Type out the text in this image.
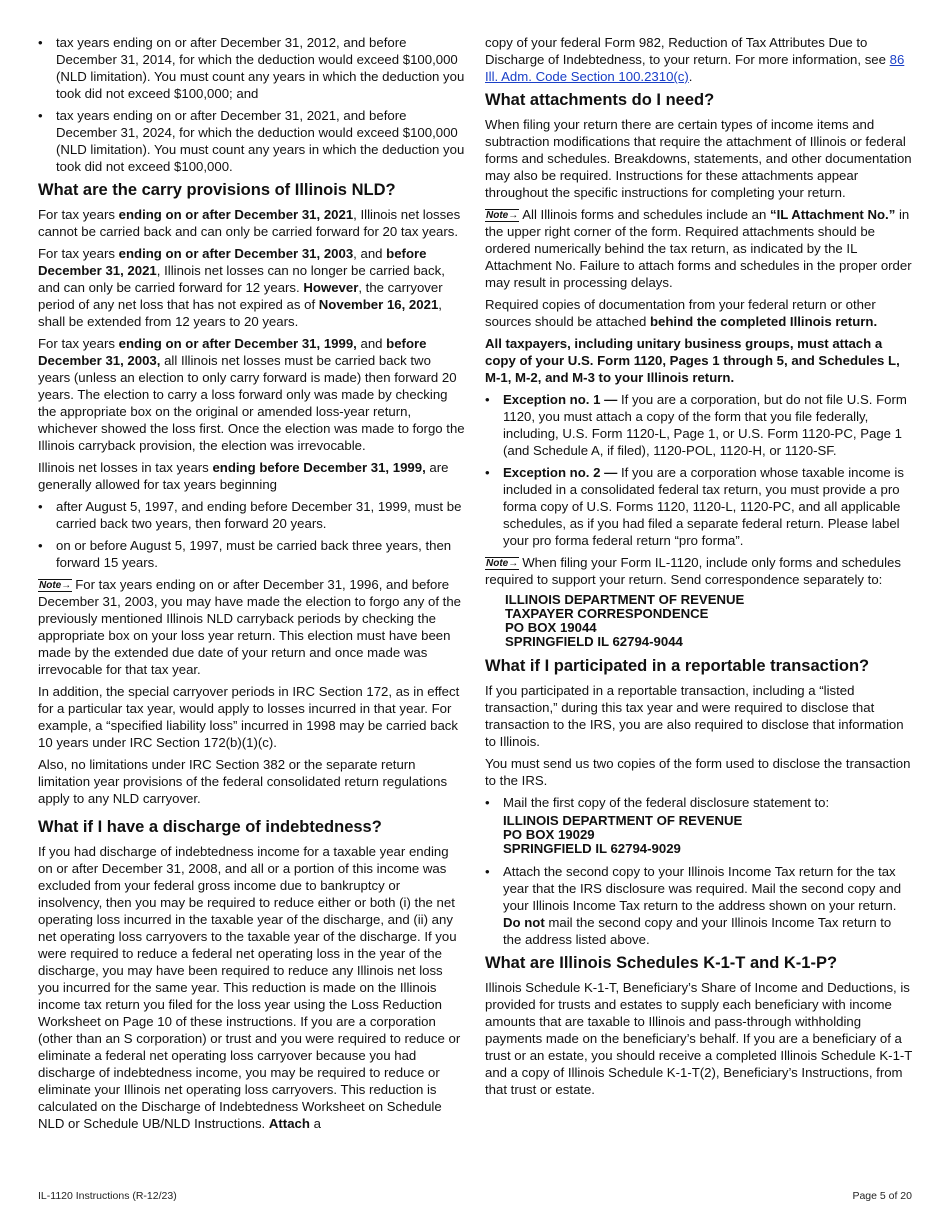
• tax years ending on or after December 31, 2012, and before December 31, 2014, for which the deduction would exceed $100,000 (NLD limitation). You must count any years in which the deduction you took did not exceed $100,000; and
• tax years ending on or after December 31, 2021, and before December 31, 2024, for which the deduction would exceed $100,000 (NLD limitation). You must count any years in which the deduction you took did not exceed $100,000.
What are the carry provisions of Illinois NLD?

For tax years ending on or after December 31, 2021, Illinois net losses cannot be carried back and can only be carried forward for 20 tax years.

For tax years ending on or after December 31, 2003, and before December 31, 2021, Illinois net losses can no longer be carried back, and can only be carried forward for 12 years. However, the carryover period of any net loss that has not expired as of November 16, 2021, shall be extended from 12 years to 20 years.

For tax years ending on or after December 31, 1999, and before December 31, 2003, all Illinois net losses must be carried back two years (unless an election to only carry forward is made) then forward 20 years. The election to carry a loss forward only was made by checking the appropriate box on the original or amended loss-year return, whichever showed the loss first. Once the election was made to forgo the Illinois carryback provision, the election was irrevocable.

Illinois net losses in tax years ending before December 31, 1999, are generally allowed for tax years beginning

• after August 5, 1997, and ending before December 31, 1999, must be carried back two years, then forward 20 years.
• on or before August 5, 1997, must be carried back three years, then forward 15 years.

Note→ For tax years ending on or after December 31, 1996, and before December 31, 2003, you may have made the election to forgo any of the previously mentioned Illinois NLD carryback periods by checking the appropriate box on your loss year return. This election must have been made by the extended due date of your return and once made was irrevocable for that tax year.

In addition, the special carryover periods in IRC Section 172, as in effect for a particular tax year, would apply to losses incurred in that year. For example, a “specified liability loss” incurred in 1998 may be carried back 10 years under IRC Section 172(b)(1)(c).

Also, no limitations under IRC Section 382 or the separate return limitation year provisions of the federal consolidated return regulations apply to any NLD carryover.

What if I have a discharge of indebtedness?

If you had discharge of indebtedness income for a taxable year ending on or after December 31, 2008, and all or a portion of this income was excluded from your federal gross income due to bankruptcy or insolvency, then you may be required to reduce either or both (i) the net operating loss incurred in the taxable year of the discharge, and (ii) any net operating loss carryovers to the taxable year of the discharge. If you were required to reduce a federal net operating loss in the year of the discharge, you may have been required to reduce any Illinois net loss you incurred for the same year. This reduction is made on the Illinois income tax return you filed for the loss year using the Loss Reduction Worksheet on Page 10 of these instructions. If you are a corporation (other than an S corporation) or trust and you were required to reduce or eliminate a federal net operating loss carryover because you had discharge of indebtedness income, you may be required to reduce or eliminate your Illinois net operating loss carryovers. This reduction is calculated on the Discharge of Indebtedness Worksheet on Schedule NLD or Schedule UB/NLD Instructions. Attach a

copy of your federal Form 982, Reduction of Tax Attributes Due to Discharge of Indebtedness, to your return. For more information, see 86 Ill. Adm. Code Section 100.2310(c).

What attachments do I need?

When filing your return there are certain types of income items and subtraction modifications that require the attachment of Illinois or federal forms and schedules. Breakdowns, statements, and other documentation may also be required. Instructions for these attachments appear throughout the specific instructions for completing your return.

Note→ All Illinois forms and schedules include an “IL Attachment No.” in the upper right corner of the form. Required attachments should be ordered numerically behind the tax return, as indicated by the IL Attachment No. Failure to attach forms and schedules in the proper order may result in processing delays.

Required copies of documentation from your federal return or other sources should be attached behind the completed Illinois return.

All taxpayers, including unitary business groups, must attach a copy of your U.S. Form 1120, Pages 1 through 5, and Schedules L, M-1, M-2, and M-3 to your Illinois return.

• Exception no. 1 — If you are a corporation, but do not file U.S. Form 1120, you must attach a copy of the form that you file federally, including, U.S. Form 1120-L, Page 1, or U.S. Form 1120-PC, Page 1 (and Schedule A, if filed), 1120-POL, 1120-H, or 1120-SF.
• Exception no. 2 — If you are a corporation whose taxable income is included in a consolidated federal tax return, you must provide a pro forma copy of U.S. Forms 1120, 1120-L, 1120-PC, and all applicable schedules, as if you had filed a separate federal return. Please label your pro forma federal return “pro forma”.

Note→ When filing your Form IL-1120, include only forms and schedules required to support your return. Send correspondence separately to:

ILLINOIS DEPARTMENT OF REVENUE
TAXPAYER CORRESPONDENCE
PO BOX 19044
SPRINGFIELD IL 62794-9044
What if I participated in a reportable transaction?

If you participated in a reportable transaction, including a “listed transaction,” during this tax year and were required to disclose that transaction to the IRS, you are also required to disclose that information to Illinois.

You must send us two copies of the form used to disclose the transaction to the IRS.

• Mail the first copy of the federal disclosure statement to:
ILLINOIS DEPARTMENT OF REVENUE
PO BOX 19029
SPRINGFIELD IL 62794-9029
• Attach the second copy to your Illinois Income Tax return for the tax year that the IRS disclosure was required. Mail the second copy and your Illinois Income Tax return to the address shown on your return. Do not mail the second copy and your Illinois Income Tax return to the address listed above.
What are Illinois Schedules K-1-T and K-1-P?

Illinois Schedule K-1-T, Beneficiary’s Share of Income and Deductions, is provided for trusts and estates to supply each beneficiary with income amounts that are taxable to Illinois and pass-through withholding payments made on the beneficiary’s behalf. If you are a beneficiary of a trust or an estate, you should receive a completed Illinois Schedule K-1-T and a copy of Illinois Schedule K-1-T(2), Beneficiary’s Instructions, from that trust or estate.

IL-1120 Instructions (R-12/23)	Page 5 of 20
